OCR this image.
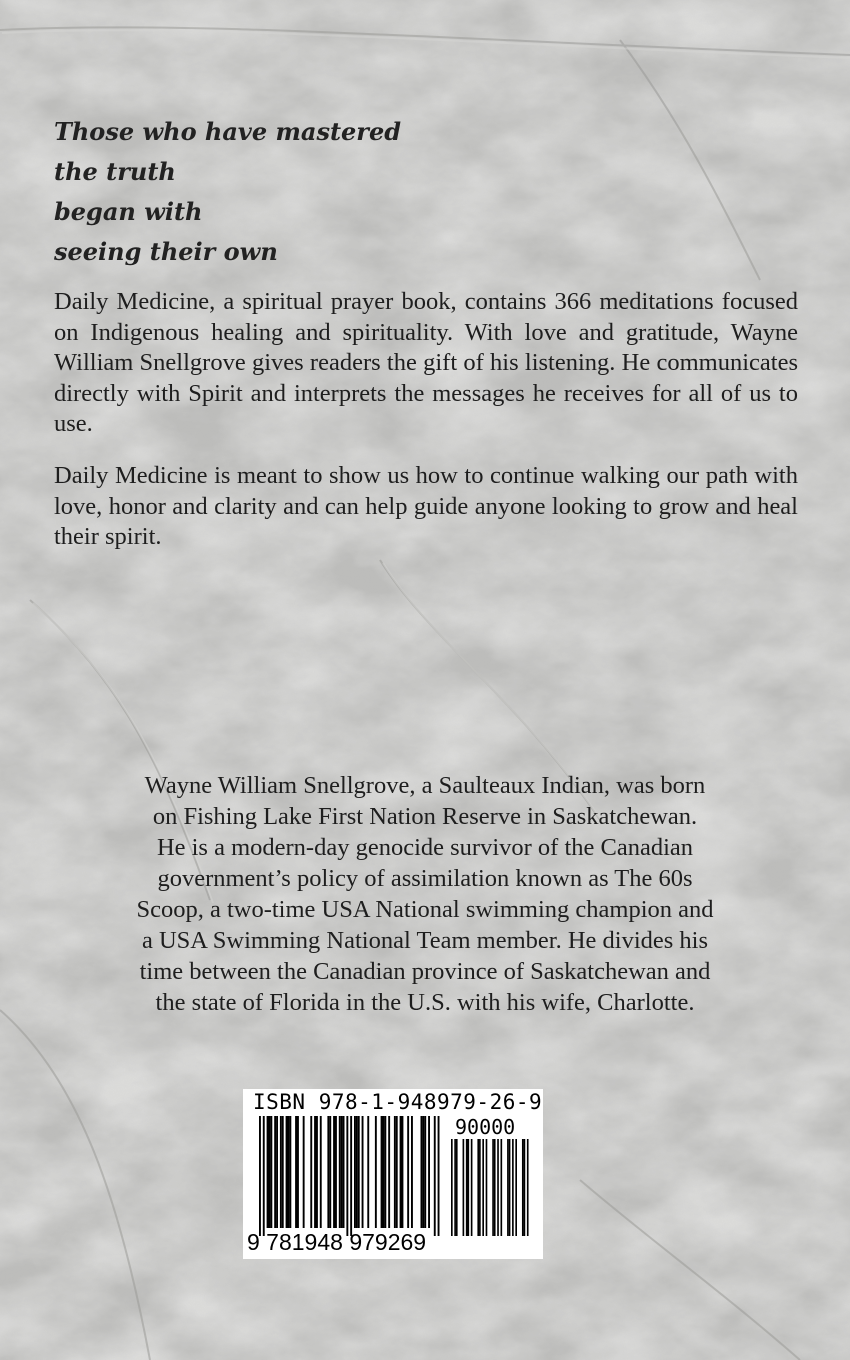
Those who have mastered
the truth
began with
seeing their own

Daily Medicine, a spiritual prayer book, contains 366 meditations focused on Indigenous healing and spirituality. With love and gratitude, Wayne William Snellgrove gives readers the gift of his listening. He communicates directly with Spirit and interprets the messages he receives for all of us to use.

Daily Medicine is meant to show us how to continue walking our path with love, honor and clarity and can help guide anyone looking to grow and heal their spirit.

Wayne William Snellgrove, a Saulteaux Indian, was born
on Fishing Lake First Nation Reserve in Saskatchewan.
He is a modern-day genocide survivor of the Canadian
government’s policy of assimilation known as The 60s
Scoop, a two-time USA National swimming champion and
a USA Swimming National Team member. He divides his
time between the Canadian province of Saskatchewan and
the state of Florida in the U.S. with his wife, Charlotte.
ISBN 978-1-948979-26-9
90000
9 781948 979269
